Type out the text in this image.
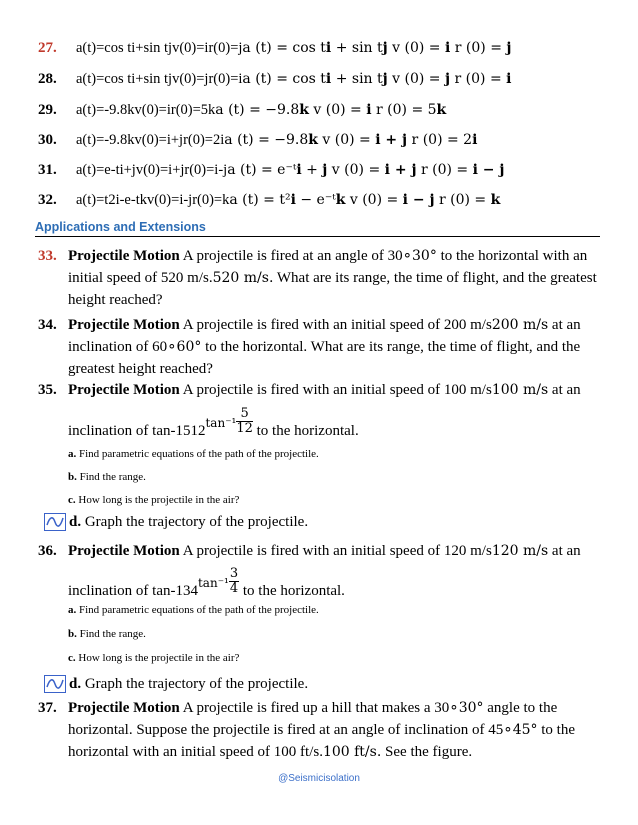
27. a(t)=cos ti+sin tjv(0)=ir(0)=ja (t) = cos ti + sin tj v (0) = i r (0) = j
28. a(t)=cos ti+sin tjv(0)=jr(0)=ia (t) = cos ti + sin tj v (0) = j r (0) = i
29. a(t)=-9.8kv(0)=ir(0)=5ka (t) = −9.8k v (0) = i r (0) = 5k
30. a(t)=-9.8kv(0)=i+jr(0)=2ia (t) = −9.8k v (0) = i + j r (0) = 2i
31. a(t)=e-ti+jv(0)=i+jr(0)=i-ja (t) = e⁻ᵗi + j v (0) = i + j r (0) = i − j
32. a(t)=t2i-e-tkv(0)=i-jr(0)=ka (t) = t²i − e⁻ᵗk v (0) = i − j r (0) = k
Applications and Extensions
33. Projectile Motion A projectile is fired at an angle of 30∘30° to the horizontal with an
initial speed of 520 m/s.520 m/s. What are its range, the time of flight, and the greatest
height reached?
34. Projectile Motion A projectile is fired with an initial speed of 200 m/s200 m/s at an
inclination of 60∘60° to the horizontal. What are its range, the time of flight, and the
greatest height reached?
35. Projectile Motion A projectile is fired with an initial speed of 100 m/s100 m/s at an
inclination of $\tan-1512^{tan^{-1}} \frac{5}{12}$ to the horizontal.
a. Find parametric equations of the path of the projectile.
b. Find the range.
c. How long is the projectile in the air?
d.
Graph the trajectory of the projectile.
36. Projectile Motion A projectile is fired with an initial speed of 120 m/s120 m/s at an
inclination of $\tan-134^{tan^{-1}} \frac{3}{4}$ to the horizontal.
a. Find parametric equations of the path of the projectile.
b. Find the range.
c. How long is the projectile in the air?
d.
Graph the trajectory of the projectile.
37. Projectile Motion A projectile is fired up a hill that makes a 30∘30° angle to the
horizontal. Suppose the projectile is fired at an angle of inclination of 45∘45° to the
horizontal with an initial speed of 100 ft/s.100 ft/s. See the figure.
@Seismicisolation
